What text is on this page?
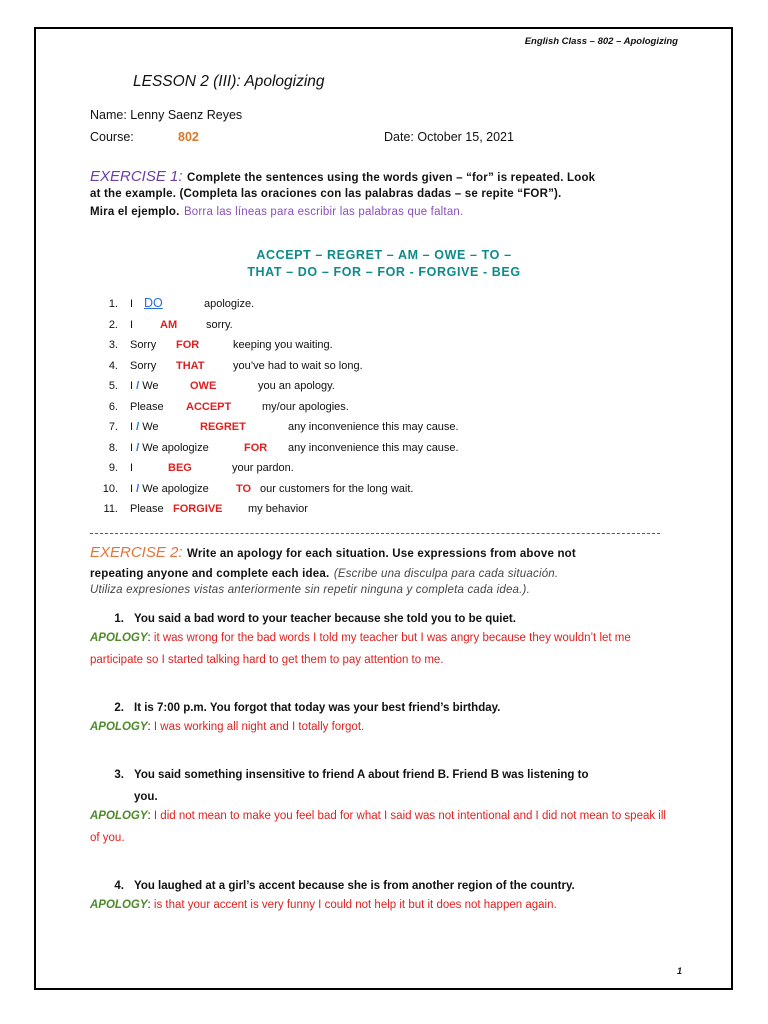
English Class – 802 – Apologizing
LESSON 2 (III): Apologizing
Name: Lenny Saenz Reyes
Course:	802	Date: October 15, 2021
EXERCISE 1: Complete the sentences using the words given – “for” is repeated. Look
at the example. (Completa las oraciones con las palabras dadas – se repite “FOR”).
Mira el ejemplo. Borra las líneas para escribir las palabras que faltan.
ACCEPT – REGRET – AM – OWE – TO –
THAT – DO – FOR – FOR - FORGIVE - BEG
1. I DO	apologize.
2. I AM	sorry.
3. Sorry FOR	keeping you waiting.
4. Sorry THAT	you’ve had to wait so long.
5. I / We	OWE	you an apology.
6. Please ACCEPT	my/our apologies.
7. I / We	REGRET	any inconvenience this may cause.
8. I / We apologize	FOR any inconvenience this may cause.
9. I	BEG	your pardon.
10. I / We apologize TO our customers for the long wait.
11. Please FORGIVE my behavior
EXERCISE 2: Write an apology for each situation. Use expressions from above not
repeating anyone and complete each idea. (Escribe una disculpa para cada situación.
Utiliza expresiones vistas anteriormente sin repetir ninguna y completa cada idea.).
1. You said a bad word to your teacher because she told you to be quiet.
APOLOGY: it was wrong for the bad words I told my teacher but I was angry because they wouldn’t let me participate so I started talking hard to get them to pay attention to me.
2. It is 7:00 p.m. You forgot that today was your best friend’s birthday.
APOLOGY: I was working all night and I totally forgot.
3. You said something insensitive to friend A about friend B. Friend B was listening to
you.
APOLOGY: I did not mean to make you feel bad for what I said was not intentional and I did not mean to speak ill of you.
4. You laughed at a girl’s accent because she is from another region of the country.
APOLOGY: is that your accent is very funny I could not help it but it does not happen again.
1
